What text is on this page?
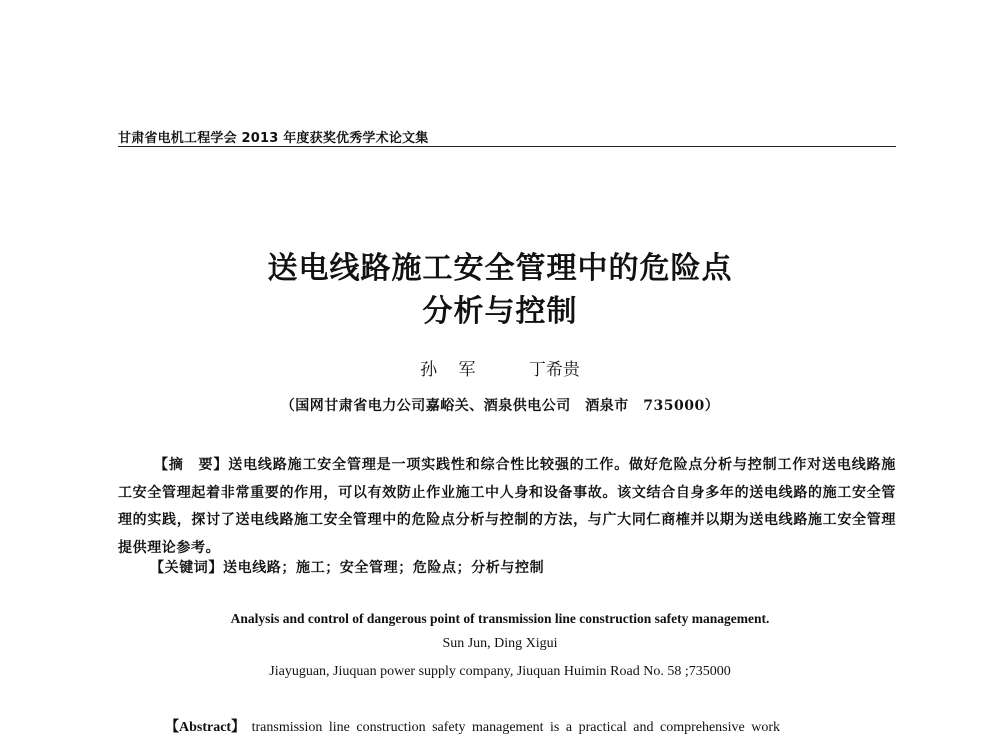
甘肃省电机工程学会 2013 年度获奖优秀学术论文集
送电线路施工安全管理中的危险点
分析与控制
孙 军	丁希贵
（国网甘肃省电力公司嘉峪关、酒泉供电公司　酒泉市　735000）
【摘　要】送电线路施工安全管理是一项实践性和综合性比较强的工作。做好危险点分析与控制工作对送电线路施工安全管理起着非常重要的作用，可以有效防止作业施工中人身和设备事故。该文结合自身多年的送电线路的施工安全管理的实践，探讨了送电线路施工安全管理中的危险点分析与控制的方法，与广大同仁商榷并以期为送电线路施工安全管理提供理论参考。
【关键词】送电线路；施工；安全管理；危险点；分析与控制
Analysis and control of dangerous point of transmission line construction safety management.
Sun Jun, Ding Xigui
Jiayuguan, Jiuquan power supply company, Jiuquan Huimin Road No. 58 ;735000
【Abstract】 transmission line construction safety management is a practical and comprehensive work
